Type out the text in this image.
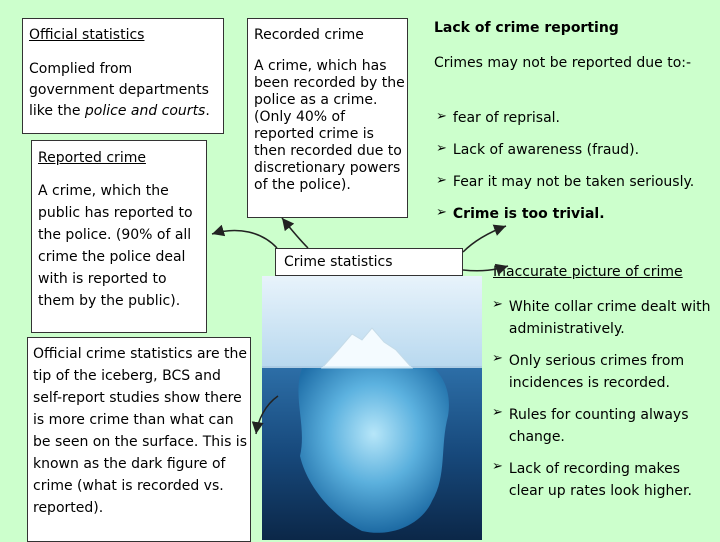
Official statistics
Complied from government departments like the police and courts.
Reported crime
A crime, which the public has reported to the police. (90% of all crime the police deal with is reported to them by the public).
Official crime statistics are the tip of the iceberg, BCS and self-report studies show there is more crime than what can be seen on the surface. This is known as the dark figure of crime (what is recorded vs. reported).
Recorded crime
A crime, which has been recorded by the police as a crime. (Only 40% of reported crime is then recorded due to discretionary powers of the police).
Lack of crime reporting
Crimes may not be reported due to:-
➢ fear of reprisal.
➢ Lack of awareness (fraud).
➢ Fear it may not be taken seriously.
➢ Crime is too trivial.
Crime statistics
Inaccurate picture of crime
➢ White collar crime dealt with administratively.
➢ Only serious crimes from incidences is recorded.
➢ Rules for counting always change.
➢ Lack of recording makes clear up rates look higher.
